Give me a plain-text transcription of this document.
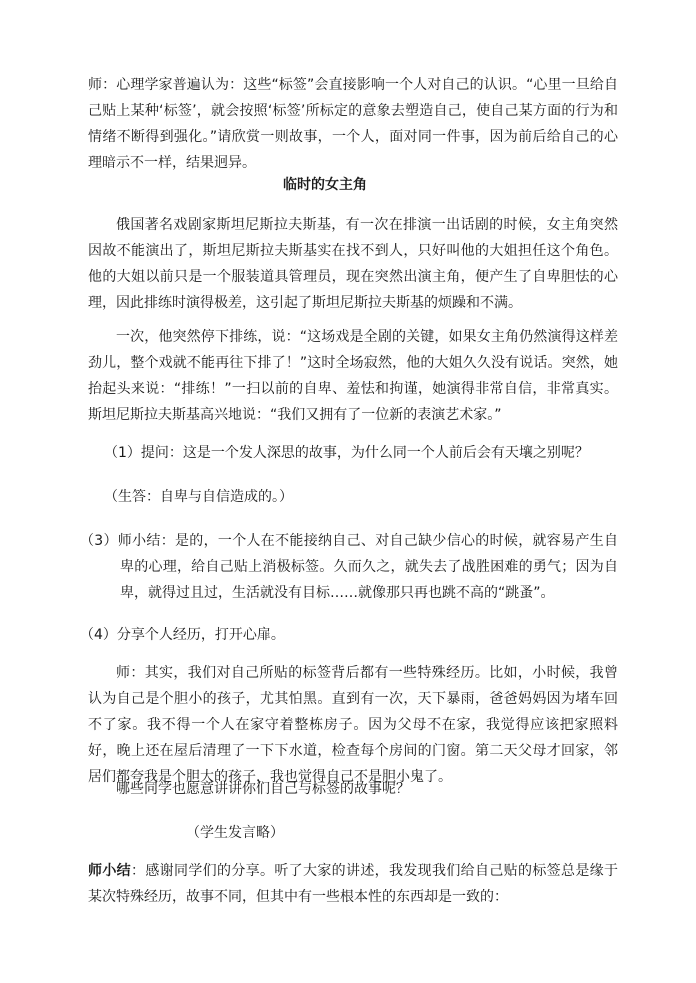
师：心理学家普遍认为：这些“标签”会直接影响一个人对自己的认识。“心里一旦给自己贴上某种‘标签’，就会按照‘标签’所标定的意象去塑造自己，使自己某方面的行为和情绪不断得到强化。”请欣赏一则故事，一个人，面对同一件事，因为前后给自己的心理暗示不一样，结果迥异。

临时的女主角

俄国著名戏剧家斯坦尼斯拉夫斯基，有一次在排演一出话剧的时候，女主角突然因故不能演出了，斯坦尼斯拉夫斯基实在找不到人，只好叫他的大姐担任这个角色。他的大姐以前只是一个服装道具管理员，现在突然出演主角，便产生了自卑胆怯的心理，因此排练时演得极差，这引起了斯坦尼斯拉夫斯基的烦躁和不满。

一次，他突然停下排练，说：“这场戏是全剧的关键，如果女主角仍然演得这样差劲儿，整个戏就不能再往下排了！”这时全场寂然，他的大姐久久没有说话。突然，她抬起头来说：“排练！”一扫以前的自卑、羞怯和拘谨，她演得非常自信，非常真实。斯坦尼斯拉夫斯基高兴地说：“我们又拥有了一位新的表演艺术家。”

（1）提问：这是一个发人深思的故事，为什么同一个人前后会有天壤之别呢？

（生答：自卑与自信造成的。）

（3）师小结：是的，一个人在不能接纳自己、对自己缺少信心的时候，就容易产生自卑的心理，给自己贴上消极标签。久而久之，就失去了战胜困难的勇气；因为自卑，就得过且过，生活就没有目标……就像那只再也跳不高的“跳蚤”。

（4）分享个人经历，打开心扉。

师：其实，我们对自己所贴的标签背后都有一些特殊经历。比如，小时候，我曾认为自己是个胆小的孩子，尤其怕黑。直到有一次，天下暴雨，爸爸妈妈因为堵车回不了家。我不得一个人在家守着整栋房子。因为父母不在家，我觉得应该把家照料好，晚上还在屋后清理了一下下水道，检查每个房间的门窗。第二天父母才回家，邻居们都夸我是个胆大的孩子，我也觉得自己不是胆小鬼了。

哪些同学也愿意讲讲你们自己与标签的故事呢？

（学生发言略）

师小结：感谢同学们的分享。听了大家的讲述，我发现我们给自己贴的标签总是缘于某次特殊经历，故事不同，但其中有一些根本性的东西却是一致的：
